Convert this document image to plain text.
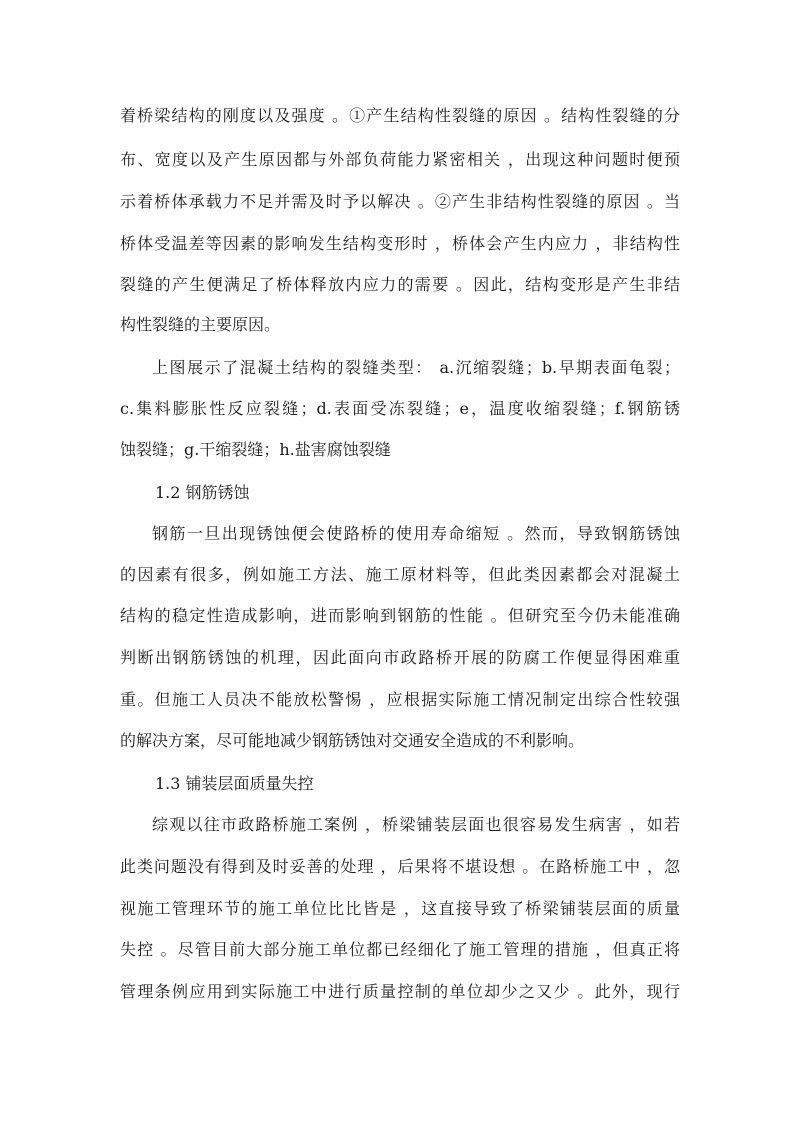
着桥梁结构的刚度以及强度 。①产生结构性裂缝的原因 。结构性裂缝的分
布、宽度以及产生原因都与外部负荷能力紧密相关 ，出现这种问题时便预
示着桥体承载力不足并需及时予以解决 。②产生非结构性裂缝的原因 。当
桥体受温差等因素的影响发生结构变形时 ，桥体会产生内应力 ，非结构性
裂缝的产生便满足了桥体释放内应力的需要 。因此，结构变形是产生非结
构性裂缝的主要原因。
上图展示了混凝土结构的裂缝类型： a.沉缩裂缝；b.早期表面龟裂；
c.集料膨胀性反应裂缝；d.表面受冻裂缝；e，温度收缩裂缝；f.钢筋锈
蚀裂缝；g.干缩裂缝；h.盐害腐蚀裂缝
1.2 钢筋锈蚀
钢筋一旦出现锈蚀便会使路桥的使用寿命缩短 。然而，导致钢筋锈蚀
的因素有很多，例如施工方法、施工原材料等，但此类因素都会对混凝土
结构的稳定性造成影响，进而影响到钢筋的性能 。但研究至今仍未能准确
判断出钢筋锈蚀的机理，因此面向市政路桥开展的防腐工作便显得困难重
重。但施工人员决不能放松警惕 ，应根据实际施工情况制定出综合性较强
的解决方案，尽可能地减少钢筋锈蚀对交通安全造成的不利影响。
1.3 铺装层面质量失控
综观以往市政路桥施工案例 ，桥梁铺装层面也很容易发生病害 ，如若
此类问题没有得到及时妥善的处理 ，后果将不堪设想 。在路桥施工中 ，忽
视施工管理环节的施工单位比比皆是 ，这直接导致了桥梁铺装层面的质量
失控 。尽管目前大部分施工单位都已经细化了施工管理的措施 ，但真正将
管理条例应用到实际施工中进行质量控制的单位却少之又少 。此外，现行
